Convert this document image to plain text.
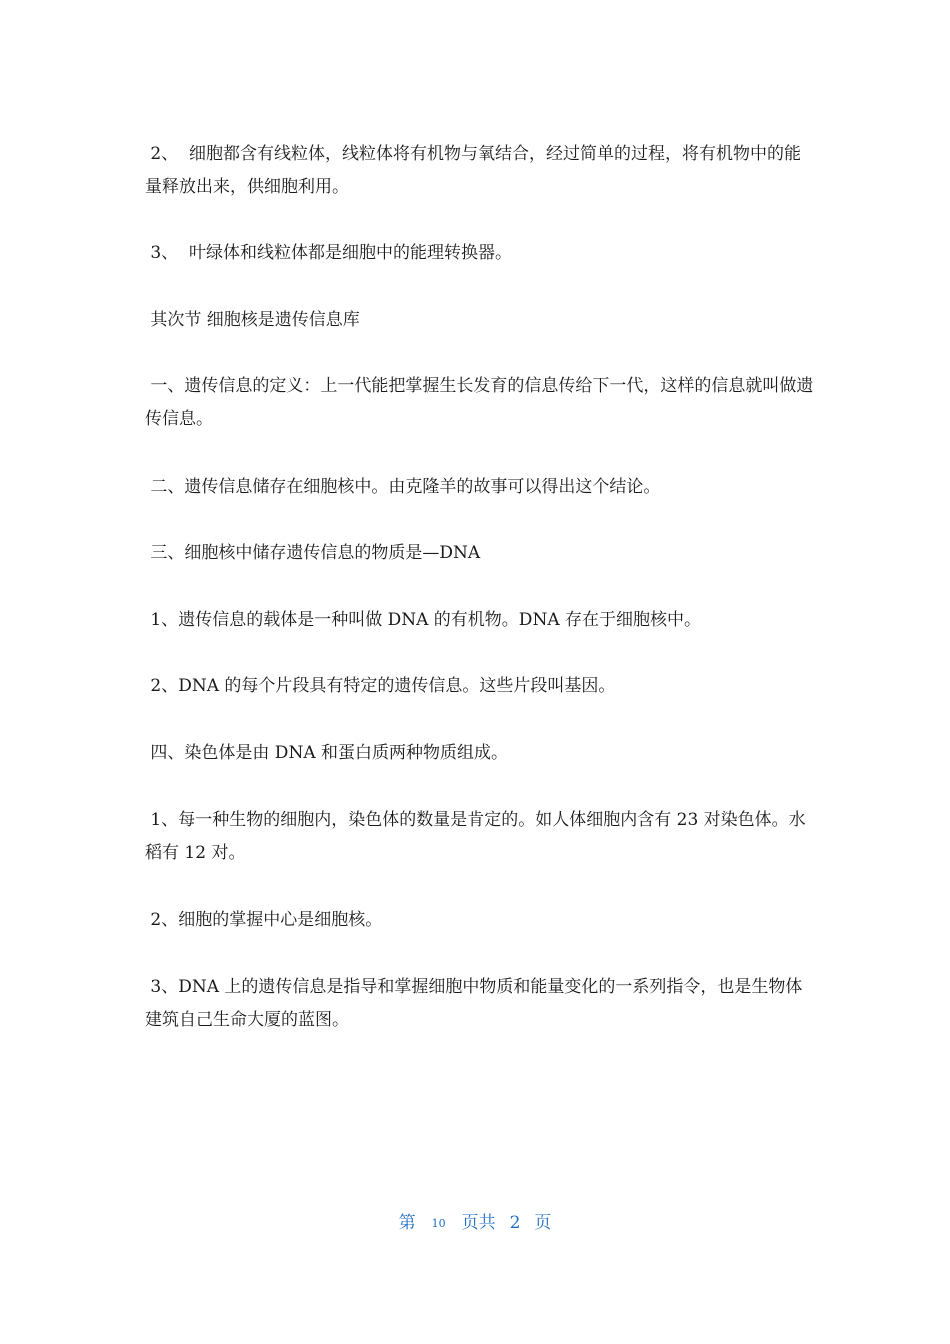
2、  细胞都含有线粒体，线粒体将有机物与氧结合，经过简单的过程，将有机物中的能量释放出来，供细胞利用。

3、  叶绿体和线粒体都是细胞中的能理转换器。

其次节 细胞核是遗传信息库

一、遗传信息的定义：上一代能把掌握生长发育的信息传给下一代，这样的信息就叫做遗传信息。

二、遗传信息储存在细胞核中。由克隆羊的故事可以得出这个结论。

三、细胞核中储存遗传信息的物质是—DNA

1、遗传信息的载体是一种叫做 DNA 的有机物。DNA 存在于细胞核中。

2、DNA 的每个片段具有特定的遗传信息。这些片段叫基因。

四、染色体是由 DNA 和蛋白质两种物质组成。

1、每一种生物的细胞内，染色体的数量是肯定的。如人体细胞内含有 23 对染色体。水稻有 12 对。

2、细胞的掌握中心是细胞核。

3、DNA 上的遗传信息是指导和掌握细胞中物质和能量变化的一系列指令，也是生物体建筑自己生命大厦的蓝图。

第 10 页共 2 页
